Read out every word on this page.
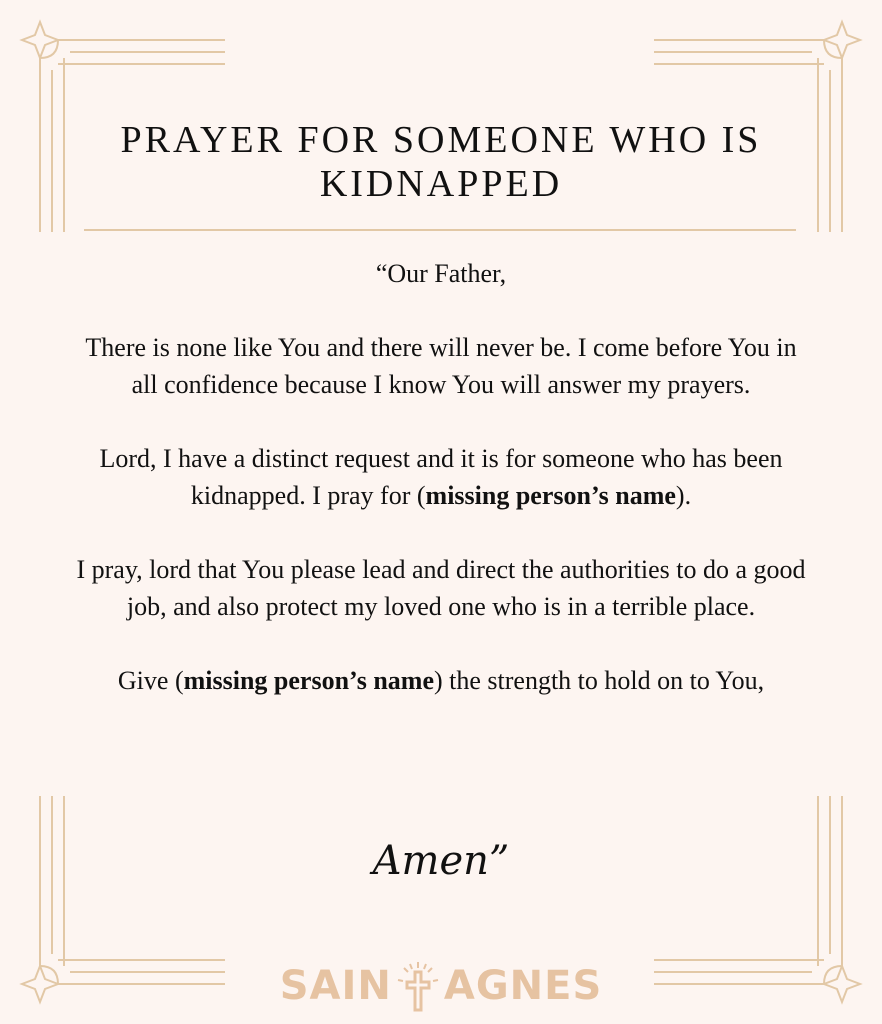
PRAYER FOR SOMEONE WHO IS KIDNAPPED

“Our Father,

There is none like You and there will never be. I come before You in all confidence because I know You will answer my prayers.

Lord, I have a distinct request and it is for someone who has been kidnapped. I pray for (missing person’s name).

I pray, lord that You please lead and direct the authorities to do a good job, and also protect my loved one who is in a terrible place.

Give (missing person’s name) the strength to hold on to You,

Amen”
SAIN AGNES
